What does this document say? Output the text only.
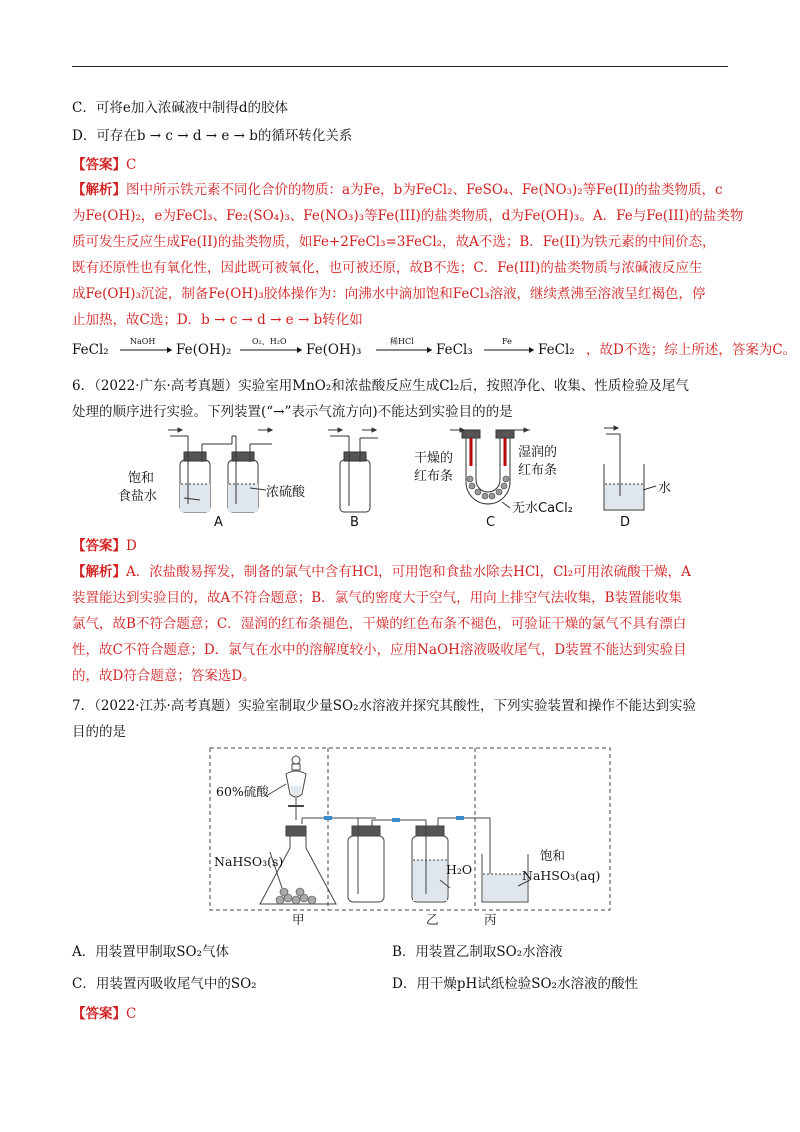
C．可将e加入浓碱液中制得d的胶体
D．可存在b → c → d → e → b的循环转化关系
【答案】C
【解析】图中所示铁元素不同化合价的物质：a为Fe，b为FeCl₂、FeSO₄、Fe(NO₃)₂等Fe(II)的盐类物质，c
为Fe(OH)₂，e为FeCl₃、Fe₂(SO₄)₃、Fe(NO₃)₃等Fe(III)的盐类物质，d为Fe(OH)₃。A．Fe与Fe(III)的盐类物
质可发生反应生成Fe(II)的盐类物质，如Fe+2FeCl₃=3FeCl₂，故A不选；B．Fe(II)为铁元素的中间价态，
既有还原性也有氧化性，因此既可被氧化，也可被还原，故B不选；C．Fe(III)的盐类物质与浓碱液反应生
成Fe(OH)₃沉淀，制备Fe(OH)₃胶体操作为：向沸水中滴加饱和FeCl₃溶液，继续煮沸至溶液呈红褐色，停
止加热，故C选；D．b → c → d → e → b转化如
FeCl₂
NaOH
Fe(OH)₂
O₂、H₂O
Fe(OH)₃
稀HCl
FeCl₃
Fe
FeCl₂ ，故D不选；综上所述，答案为C。
6．（2022·广东·高考真题）实验室用MnO₂和浓盐酸反应生成Cl₂后，按照净化、收集、性质检验及尾气
处理的顺序进行实验。下列装置(“→”表示气流方向)不能达到实验目的的是
饱和
食盐水	浓硫酸
干燥的
红布条
湿润的
红布条
无水CaCl₂
水
A	B	C	D
【答案】D
【解析】A．浓盐酸易挥发，制备的氯气中含有HCl，可用饱和食盐水除去HCl，Cl₂可用浓硫酸干燥，A
装置能达到实验目的，故A不符合题意；B．氯气的密度大于空气，用向上排空气法收集，B装置能收集
氯气，故B不符合题意；C．湿润的红布条褪色，干燥的红色布条不褪色，可验证干燥的氯气不具有漂白
性，故C不符合题意；D．氯气在水中的溶解度较小，应用NaOH溶液吸收尾气，D装置不能达到实验目
的，故D符合题意；答案选D。
7．（2022·江苏·高考真题）实验室制取少量SO₂水溶液并探究其酸性，下列实验装置和操作不能达到实验
目的的是
60%硫酸
NaHSO₃(s)
H₂O
饱和
NaHSO₃(aq)
甲	乙	丙
A．用装置甲制取SO₂气体	B．用装置乙制取SO₂水溶液
C．用装置丙吸收尾气中的SO₂	D．用干燥pH试纸检验SO₂水溶液的酸性
【答案】C
